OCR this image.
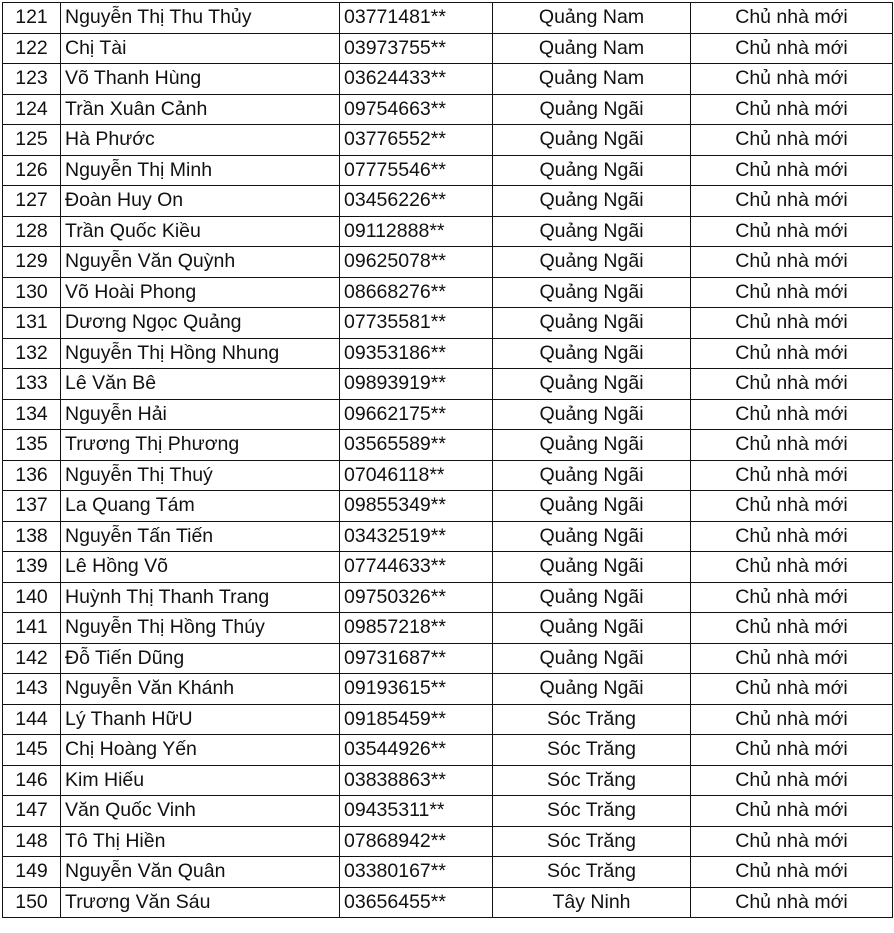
121	Nguyễn Thị Thu Thủy	03771481**	Quảng Nam	Chủ nhà mới
122	Chị Tài	03973755**	Quảng Nam	Chủ nhà mới
123	Võ Thanh Hùng	03624433**	Quảng Nam	Chủ nhà mới
124	Trần Xuân Cảnh	09754663**	Quảng Ngãi	Chủ nhà mới
125	Hà Phước	03776552**	Quảng Ngãi	Chủ nhà mới
126	Nguyễn Thị Minh	07775546**	Quảng Ngãi	Chủ nhà mới
127	Đoàn Huy On	03456226**	Quảng Ngãi	Chủ nhà mới
128	Trần Quốc Kiều	09112888**	Quảng Ngãi	Chủ nhà mới
129	Nguyễn Văn Quỳnh	09625078**	Quảng Ngãi	Chủ nhà mới
130	Võ Hoài Phong	08668276**	Quảng Ngãi	Chủ nhà mới
131	Dương Ngọc Quảng	07735581**	Quảng Ngãi	Chủ nhà mới
132	Nguyễn Thị Hồng Nhung	09353186**	Quảng Ngãi	Chủ nhà mới
133	Lê Văn Bê	09893919**	Quảng Ngãi	Chủ nhà mới
134	Nguyễn Hải	09662175**	Quảng Ngãi	Chủ nhà mới
135	Trương Thị Phương	03565589**	Quảng Ngãi	Chủ nhà mới
136	Nguyễn Thị Thuý	07046118**	Quảng Ngãi	Chủ nhà mới
137	La Quang Tám	09855349**	Quảng Ngãi	Chủ nhà mới
138	Nguyễn Tấn Tiến	03432519**	Quảng Ngãi	Chủ nhà mới
139	Lê Hồng Võ	07744633**	Quảng Ngãi	Chủ nhà mới
140	Huỳnh Thị Thanh Trang	09750326**	Quảng Ngãi	Chủ nhà mới
141	Nguyễn Thị Hồng Thúy	09857218**	Quảng Ngãi	Chủ nhà mới
142	Đỗ Tiến Dũng	09731687**	Quảng Ngãi	Chủ nhà mới
143	Nguyễn Văn Khánh	09193615**	Quảng Ngãi	Chủ nhà mới
144	Lý Thanh HữU	09185459**	Sóc Trăng	Chủ nhà mới
145	Chị Hoàng Yến	03544926**	Sóc Trăng	Chủ nhà mới
146	Kim Hiếu	03838863**	Sóc Trăng	Chủ nhà mới
147	Văn Quốc Vinh	09435311**	Sóc Trăng	Chủ nhà mới
148	Tô Thị Hiền	07868942**	Sóc Trăng	Chủ nhà mới
149	Nguyễn Văn Quân	03380167**	Sóc Trăng	Chủ nhà mới
150	Trương Văn Sáu	03656455**	Tây Ninh	Chủ nhà mới
